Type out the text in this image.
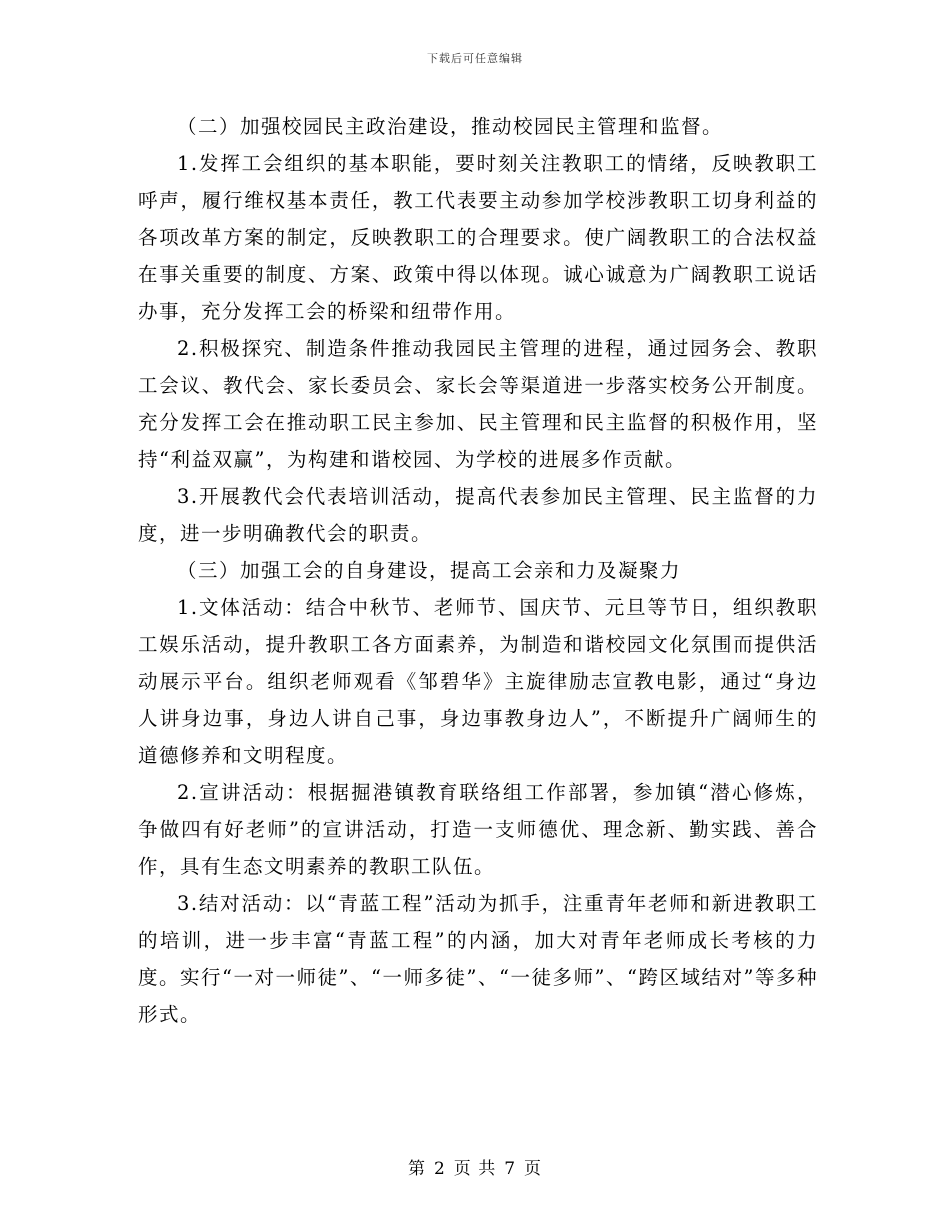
下载后可任意编辑

（二）加强校园民主政治建设，推动校园民主管理和监督。

1.发挥工会组织的基本职能，要时刻关注教职工的情绪，反映教职工呼声，履行维权基本责任，教工代表要主动参加学校涉教职工切身利益的各项改革方案的制定，反映教职工的合理要求。使广阔教职工的合法权益在事关重要的制度、方案、政策中得以体现。诚心诚意为广阔教职工说话办事，充分发挥工会的桥梁和纽带作用。

2.积极探究、制造条件推动我园民主管理的进程，通过园务会、教职工会议、教代会、家长委员会、家长会等渠道进一步落实校务公开制度。充分发挥工会在推动职工民主参加、民主管理和民主监督的积极作用，坚持“利益双赢”，为构建和谐校园、为学校的进展多作贡献。

3.开展教代会代表培训活动，提高代表参加民主管理、民主监督的力度，进一步明确教代会的职责。

（三）加强工会的自身建设，提高工会亲和力及凝聚力

1.文体活动：结合中秋节、老师节、国庆节、元旦等节日，组织教职工娱乐活动，提升教职工各方面素养，为制造和谐校园文化氛围而提供活动展示平台。组织老师观看《邹碧华》主旋律励志宣教电影，通过“身边人讲身边事，身边人讲自己事，身边事教身边人”，不断提升广阔师生的道德修养和文明程度。

2.宣讲活动：根据掘港镇教育联络组工作部署，参加镇“潜心修炼，争做四有好老师”的宣讲活动，打造一支师德优、理念新、勤实践、善合作，具有生态文明素养的教职工队伍。

3.结对活动：以“青蓝工程”活动为抓手，注重青年老师和新进教职工的培训，进一步丰富“青蓝工程”的内涵，加大对青年老师成长考核的力度。实行“一对一师徒”、“一师多徒”、“一徒多师”、“跨区域结对”等多种形式。

第 2 页 共 7 页
